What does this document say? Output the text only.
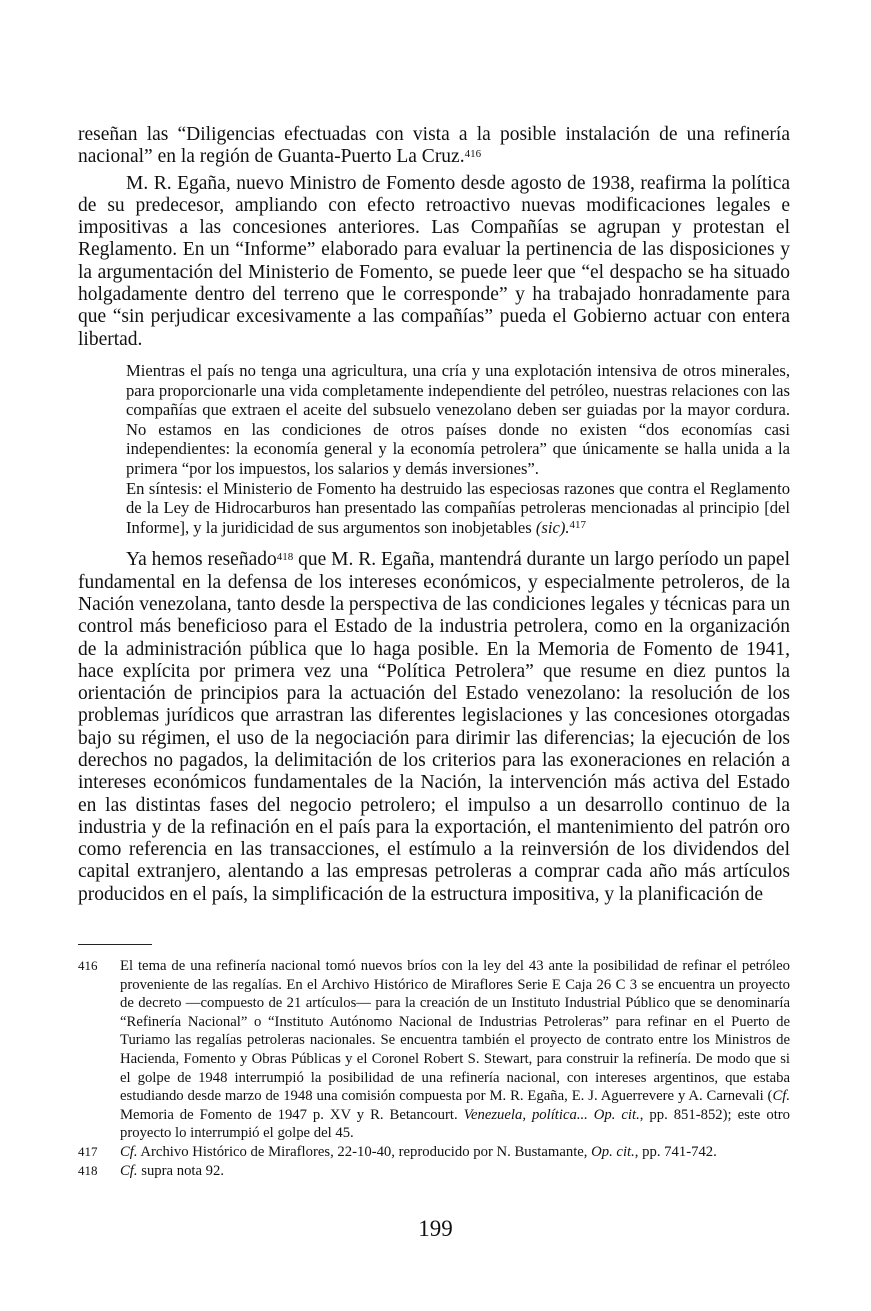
reseñan las “Diligencias efectuadas con vista a la posible instalación de una refinería nacional” en la región de Guanta-Puerto La Cruz.$^{416}$

M. R. Egaña, nuevo Ministro de Fomento desde agosto de 1938, reafirma la política de su predecesor, ampliando con efecto retroactivo nuevas modificaciones legales e impositivas a las concesiones anteriores. Las Compañías se agrupan y protestan el Reglamento. En un “Informe” elaborado para evaluar la pertinencia de las disposiciones y la argumentación del Ministerio de Fomento, se puede leer que “el despacho se ha situado holgadamente dentro del terreno que le corresponde” y ha trabajado honradamente para que “sin perjudicar excesivamente a las compañías” pueda el Gobierno actuar con entera libertad.

Mientras el país no tenga una agricultura, una cría y una explotación intensiva de otros minerales, para proporcionarle una vida completamente independiente del petróleo, nuestras relaciones con las compañías que extraen el aceite del subsuelo venezolano deben ser guiadas por la mayor cordura. No estamos en las condiciones de otros países donde no existen “dos economías casi independientes: la economía general y la economía petrolera” que únicamente se halla unida a la primera “por los impuestos, los salarios y demás inversiones”.

En síntesis: el Ministerio de Fomento ha destruido las especiosas razones que contra el Reglamento de la Ley de Hidrocarburos han presentado las compañías petroleras mencionadas al principio [del Informe], y la juridicidad de sus argumentos son inobjetables (sic).$^{417}$

Ya hemos reseñado$^{418}$ que M. R. Egaña, mantendrá durante un largo período un papel fundamental en la defensa de los intereses económicos, y especialmente petroleros, de la Nación venezolana, tanto desde la perspectiva de las condiciones legales y técnicas para un control más beneficioso para el Estado de la industria petrolera, como en la organización de la administración pública que lo haga posible. En la Memoria de Fomento de 1941, hace explícita por primera vez una “Política Petrolera” que resume en diez puntos la orientación de principios para la actuación del Estado venezolano: la resolución de los problemas jurídicos que arrastran las diferentes legislaciones y las concesiones otorgadas bajo su régimen, el uso de la negociación para dirimir las diferencias; la ejecución de los derechos no pagados, la delimitación de los criterios para las exoneraciones en relación a intereses económicos fundamentales de la Nación, la intervención más activa del Estado en las distintas fases del negocio petrolero; el impulso a un desarrollo continuo de la industria y de la refinación en el país para la exportación, el mantenimiento del patrón oro como referencia en las transacciones, el estímulo a la reinversión de los dividendos del capital extranjero, alentando a las empresas petroleras a comprar cada año más artículos producidos en el país, la simplificación de la estructura impositiva, y la planificación de

416	El tema de una refinería nacional tomó nuevos bríos con la ley del 43 ante la posibilidad de refinar el petróleo proveniente de las regalías. En el Archivo Histórico de Miraflores Serie E Caja 26 C 3 se encuentra un proyecto de decreto —compuesto de 21 artículos— para la creación de un Instituto Industrial Público que se denominaría “Refinería Nacional” o “Instituto Autónomo Nacional de Industrias Petroleras” para refinar en el Puerto de Turiamo las regalías petroleras nacionales. Se encuentra también el proyecto de contrato entre los Ministros de Hacienda, Fomento y Obras Públicas y el Coronel Robert S. Stewart, para construir la refinería. De modo que si el golpe de 1948 interrumpió la posibilidad de una refinería nacional, con intereses argentinos, que estaba estudiando desde marzo de 1948 una comisión compuesta por M. R. Egaña, E. J. Aguerrevere y A. Carnevali (Cf. Memoria de Fomento de 1947 p. XV y R. Betancourt. Venezuela, política... Op. cit., pp. 851-852); este otro proyecto lo interrumpió el golpe del 45.
417	Cf. Archivo Histórico de Miraflores, 22-10-40, reproducido por N. Bustamante, Op. cit., pp. 741-742.
418	Cf. supra nota 92.
199
